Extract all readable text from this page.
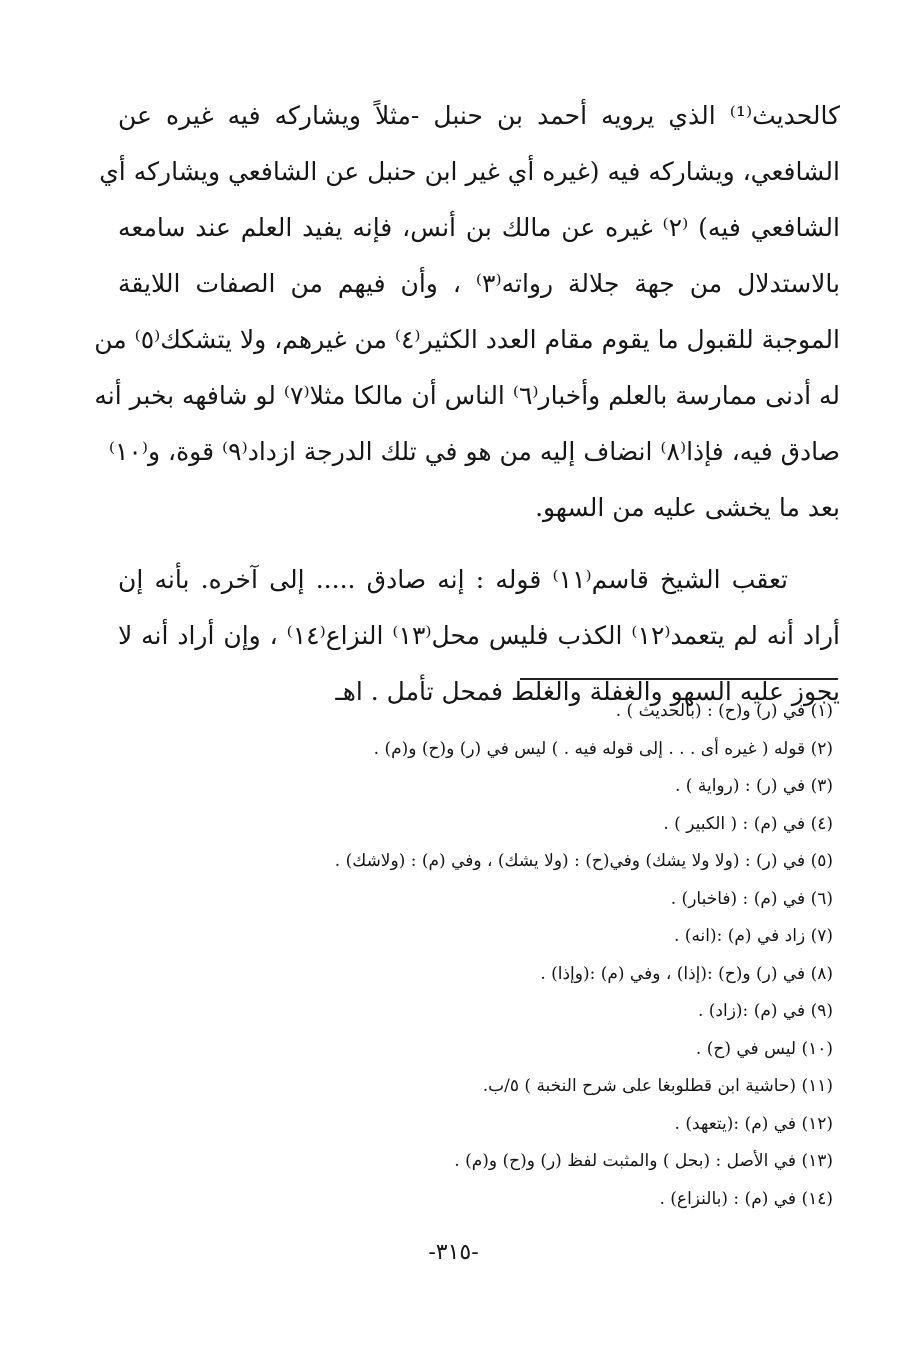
كالحديث⁽¹⁾ الذي يرويه أحمد بن حنبل -مثلاً ويشاركه فيه غيره عن
الشافعي، ويشاركه فيه (غيره أي غير ابن حنبل عن الشافعي ويشاركه أي
الشافعي فيه) ⁽٢⁾ غيره عن مالك بن أنس، فإنه يفيد العلم عند سامعه
بالاستدلال من جهة جلالة رواته⁽٣⁾ ، وأن فيهم من الصفات اللايقة
الموجبة للقبول ما يقوم مقام العدد الكثير⁽٤⁾ من غيرهم، ولا يتشكك⁽٥⁾ من
له أدنى ممارسة بالعلم وأخبار⁽٦⁾ الناس أن مالكا مثلا⁽٧⁾ لو شافهه بخبر أنه
صادق فيه، فإذا⁽٨⁾ انضاف إليه من هو في تلك الدرجة ازداد⁽٩⁾ قوة، و⁽١٠⁾
بعد ما يخشى عليه من السهو.
تعقب الشيخ قاسم⁽١١⁾ قوله : إنه صادق ..... إلى آخره. بأنه إن
أراد أنه لم يتعمد⁽١٢⁾ الكذب فليس محل⁽١٣⁾ النزاع⁽١٤⁾ ، وإن أراد أنه لا
يجوز عليه السهو والغفلة والغلط فمحل تأمل . اهـ
(١) في (ر) و(ح) : (بالحديث ) .
(٢) قوله ( غيره أى . . . إلى قوله فيه . ) ليس في (ر) و(ح) و(م) .
(٣) في (ر) : (رواية ) .
(٤) في (م) : ( الكبير ) .
(٥) في (ر) : (ولا ولا يشك) وفي(ح) : (ولا يشك) ، وفي (م) : (ولاشك) .
(٦) في (م) : (فاخبار) .
(٧) زاد في (م) :(انه) .
(٨) في (ر) و(ح) :(إذا) ، وفي (م) :(وإذا) .
(٩) في (م) :(زاد) .
(١٠) ليس في (ح) .
(١١) (حاشية ابن قطلوبغا على شرح النخبة ) ٥/ب.
(١٢) في (م) :(يتعهد) .
(١٣) في الأصل : (بحل ) والمثبت لفظ (ر) و(ح) و(م) .
(١٤) في (م) : (بالنزاع) .
-٣١٥-
